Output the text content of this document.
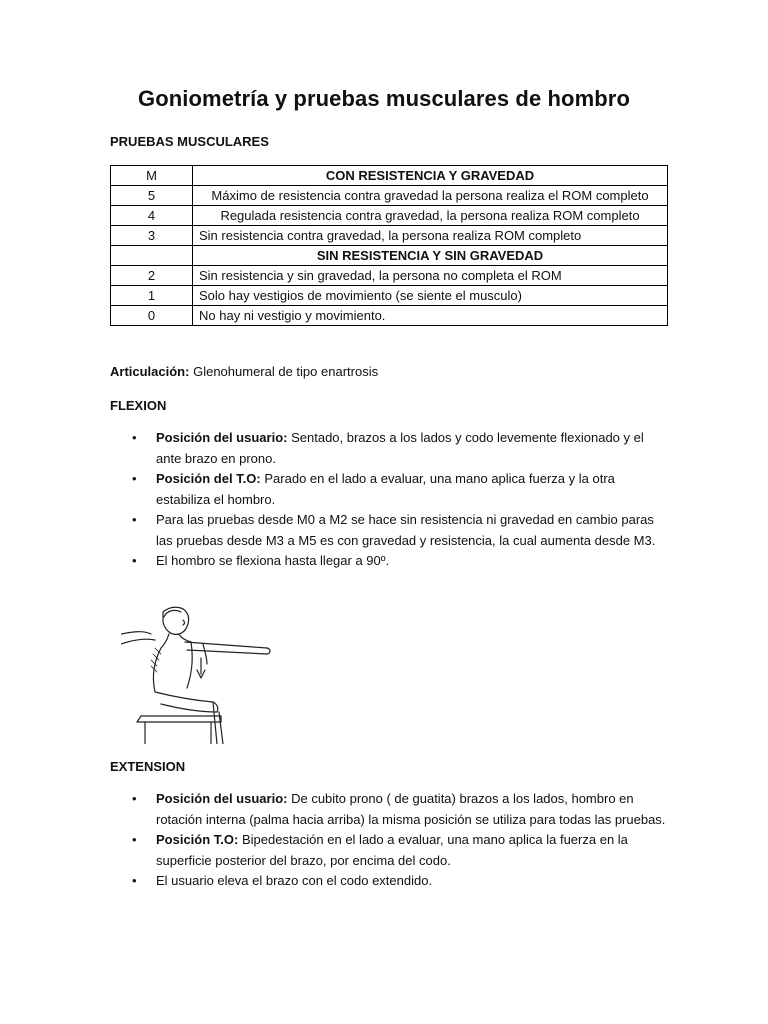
Goniometría y pruebas musculares de hombro

PRUEBAS MUSCULARES

M	CON RESISTENCIA Y GRAVEDAD
5	Máximo de resistencia contra gravedad la persona realiza el ROM completo
4	Regulada resistencia contra gravedad, la persona realiza ROM completo
3	Sin resistencia contra gravedad, la persona realiza ROM completo
	SIN RESISTENCIA Y SIN GRAVEDAD
2	Sin resistencia y sin gravedad, la persona no completa el ROM
1	Solo hay vestigios de movimiento (se siente el musculo)
0	No hay ni vestigio y movimiento.

Articulación: Glenohumeral de tipo enartrosis

FLEXION

• Posición del usuario: Sentado, brazos a los lados y codo levemente flexionado y el ante brazo en prono.
• Posición del T.O: Parado en el lado a evaluar, una mano aplica fuerza y la otra estabiliza el hombro.
• Para las pruebas desde M0 a M2 se hace sin resistencia ni gravedad en cambio paras las pruebas desde M3 a M5 es con gravedad y resistencia, la cual aumenta desde M3.
• El hombro se flexiona hasta llegar a 90º.

EXTENSION

• Posición del usuario: De cubito prono ( de guatita) brazos a los lados, hombro en rotación interna (palma hacia arriba) la misma posición se utiliza para todas las pruebas.
• Posición T.O: Bipedestación en el lado a evaluar, una mano aplica la fuerza en la superficie posterior del brazo, por encima del codo.
• El usuario eleva el brazo con el codo extendido.
